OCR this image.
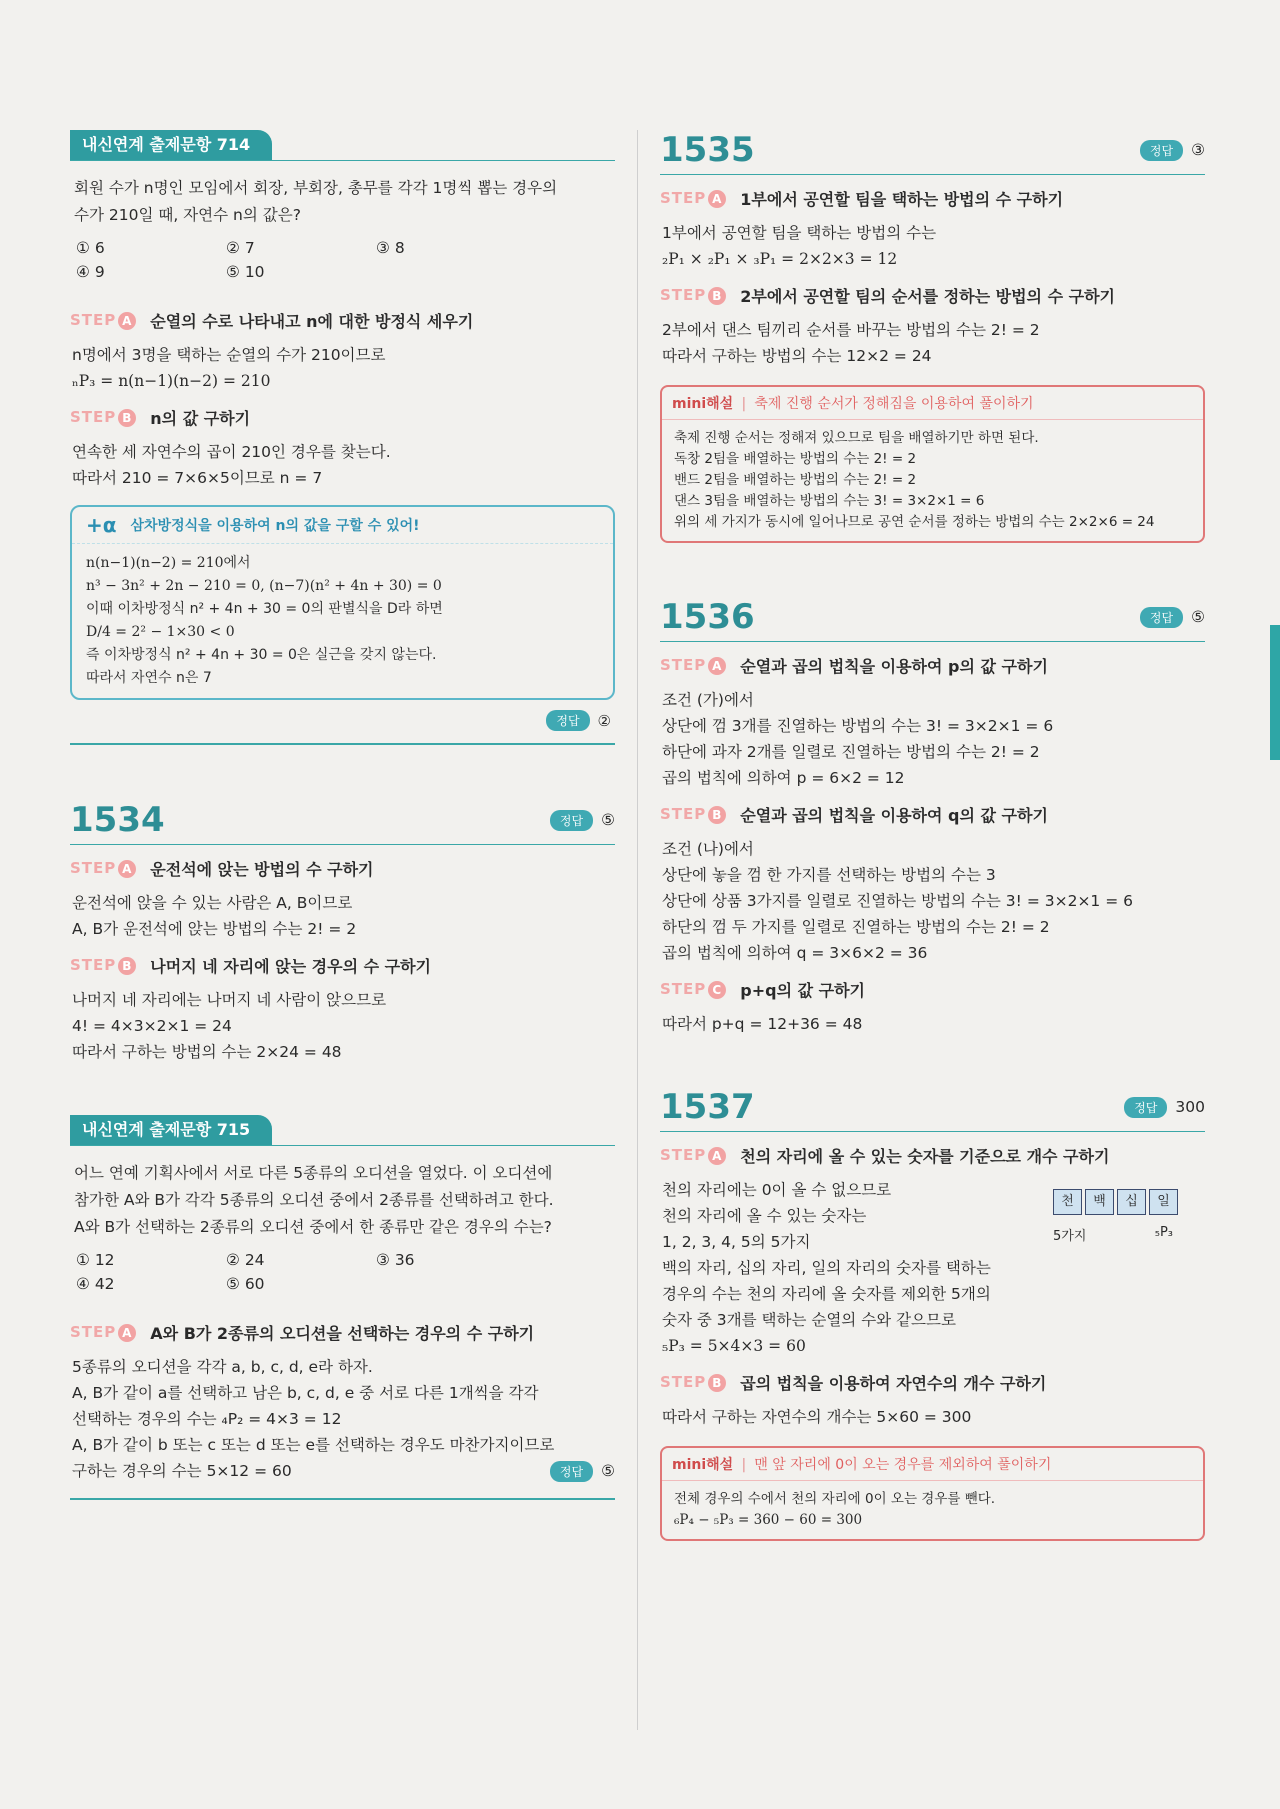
내신연계 출제문항 714
회원 수가 n명인 모임에서 회장, 부회장, 총무를 각각 1명씩 뽑는 경우의
수가 210일 때, 자연수 n의 값은?
① 6	② 7	③ 8
④ 9	⑤ 10
STEP A 순열의 수로 나타내고 n에 대한 방정식 세우기
n명에서 3명을 택하는 순열의 수가 210이므로
ₙP₃ = n(n−1)(n−2) = 210
STEP B n의 값 구하기
연속한 세 자연수의 곱이 210인 경우를 찾는다.
따라서 210 = 7×6×5이므로 n = 7
+α 삼차방정식을 이용하여 n의 값을 구할 수 있어!
n(n−1)(n−2) = 210에서
n³ − 3n² + 2n − 210 = 0, (n−7)(n² + 4n + 30) = 0
이때 이차방정식 n² + 4n + 30 = 0의 판별식을 D라 하면
D/4 = 2² − 1×30 < 0
즉 이차방정식 n² + 4n + 30 = 0은 실근을 갖지 않는다.
따라서 자연수 n은 7
정답	②
1534	정답	⑤
STEP A 운전석에 앉는 방법의 수 구하기
운전석에 앉을 수 있는 사람은 A, B이므로
A, B가 운전석에 앉는 방법의 수는 2! = 2
STEP B 나머지 네 자리에 앉는 경우의 수 구하기
나머지 네 자리에는 나머지 네 사람이 앉으므로
4! = 4×3×2×1 = 24
따라서 구하는 방법의 수는 2×24 = 48
내신연계 출제문항 715
어느 연예 기획사에서 서로 다른 5종류의 오디션을 열었다. 이 오디션에
참가한 A와 B가 각각 5종류의 오디션 중에서 2종류를 선택하려고 한다.
A와 B가 선택하는 2종류의 오디션 중에서 한 종류만 같은 경우의 수는?
① 12	② 24	③ 36
④ 42	⑤ 60
STEP A A와 B가 2종류의 오디션을 선택하는 경우의 수 구하기
5종류의 오디션을 각각 a, b, c, d, e라 하자.
A, B가 같이 a를 선택하고 남은 b, c, d, e 중 서로 다른 1개씩을 각각
선택하는 경우의 수는 ₄P₂ = 4×3 = 12
A, B가 같이 b 또는 c 또는 d 또는 e를 선택하는 경우도 마찬가지이므로
구하는 경우의 수는 5×12 = 60	정답	⑤
1535	정답	③
STEP A 1부에서 공연할 팀을 택하는 방법의 수 구하기
1부에서 공연할 팀을 택하는 방법의 수는
₂P₁ × ₂P₁ × ₃P₁ = 2×2×3 = 12
STEP B 2부에서 공연할 팀의 순서를 정하는 방법의 수 구하기
2부에서 댄스 팀끼리 순서를 바꾸는 방법의 수는 2! = 2
따라서 구하는 방법의 수는 12×2 = 24
mini해설 | 축제 진행 순서가 정해짐을 이용하여 풀이하기
축제 진행 순서는 정해져 있으므로 팀을 배열하기만 하면 된다.
독창 2팀을 배열하는 방법의 수는 2! = 2
밴드 2팀을 배열하는 방법의 수는 2! = 2
댄스 3팀을 배열하는 방법의 수는 3! = 3×2×1 = 6
위의 세 가지가 동시에 일어나므로 공연 순서를 정하는 방법의 수는 2×2×6 = 24
1536	정답	⑤
STEP A 순열과 곱의 법칙을 이용하여 p의 값 구하기
조건 (가)에서
상단에 껌 3개를 진열하는 방법의 수는 3! = 3×2×1 = 6
하단에 과자 2개를 일렬로 진열하는 방법의 수는 2! = 2
곱의 법칙에 의하여 p = 6×2 = 12
STEP B 순열과 곱의 법칙을 이용하여 q의 값 구하기
조건 (나)에서
상단에 놓을 껌 한 가지를 선택하는 방법의 수는 3
상단에 상품 3가지를 일렬로 진열하는 방법의 수는 3! = 3×2×1 = 6
하단의 껌 두 가지를 일렬로 진열하는 방법의 수는 2! = 2
곱의 법칙에 의하여 q = 3×6×2 = 36
STEP C p+q의 값 구하기
따라서 p+q = 12+36 = 48
1537	정답	300
STEP A 천의 자리에 올 수 있는 숫자를 기준으로 개수 구하기
천의 자리에는 0이 올 수 없으므로
천의 자리에 올 수 있는 숫자는
1, 2, 3, 4, 5의 5가지
백의 자리, 십의 자리, 일의 자리의 숫자를 택하는
경우의 수는 천의 자리에 올 숫자를 제외한 5개의
숫자 중 3개를 택하는 순열의 수와 같으므로
₅P₃ = 5×4×3 = 60
천	백	십	일
5가지	₅P₃
STEP B 곱의 법칙을 이용하여 자연수의 개수 구하기
따라서 구하는 자연수의 개수는 5×60 = 300
mini해설 | 맨 앞 자리에 0이 오는 경우를 제외하여 풀이하기
전체 경우의 수에서 천의 자리에 0이 오는 경우를 뺀다.
₆P₄ − ₅P₃ = 360 − 60 = 300
